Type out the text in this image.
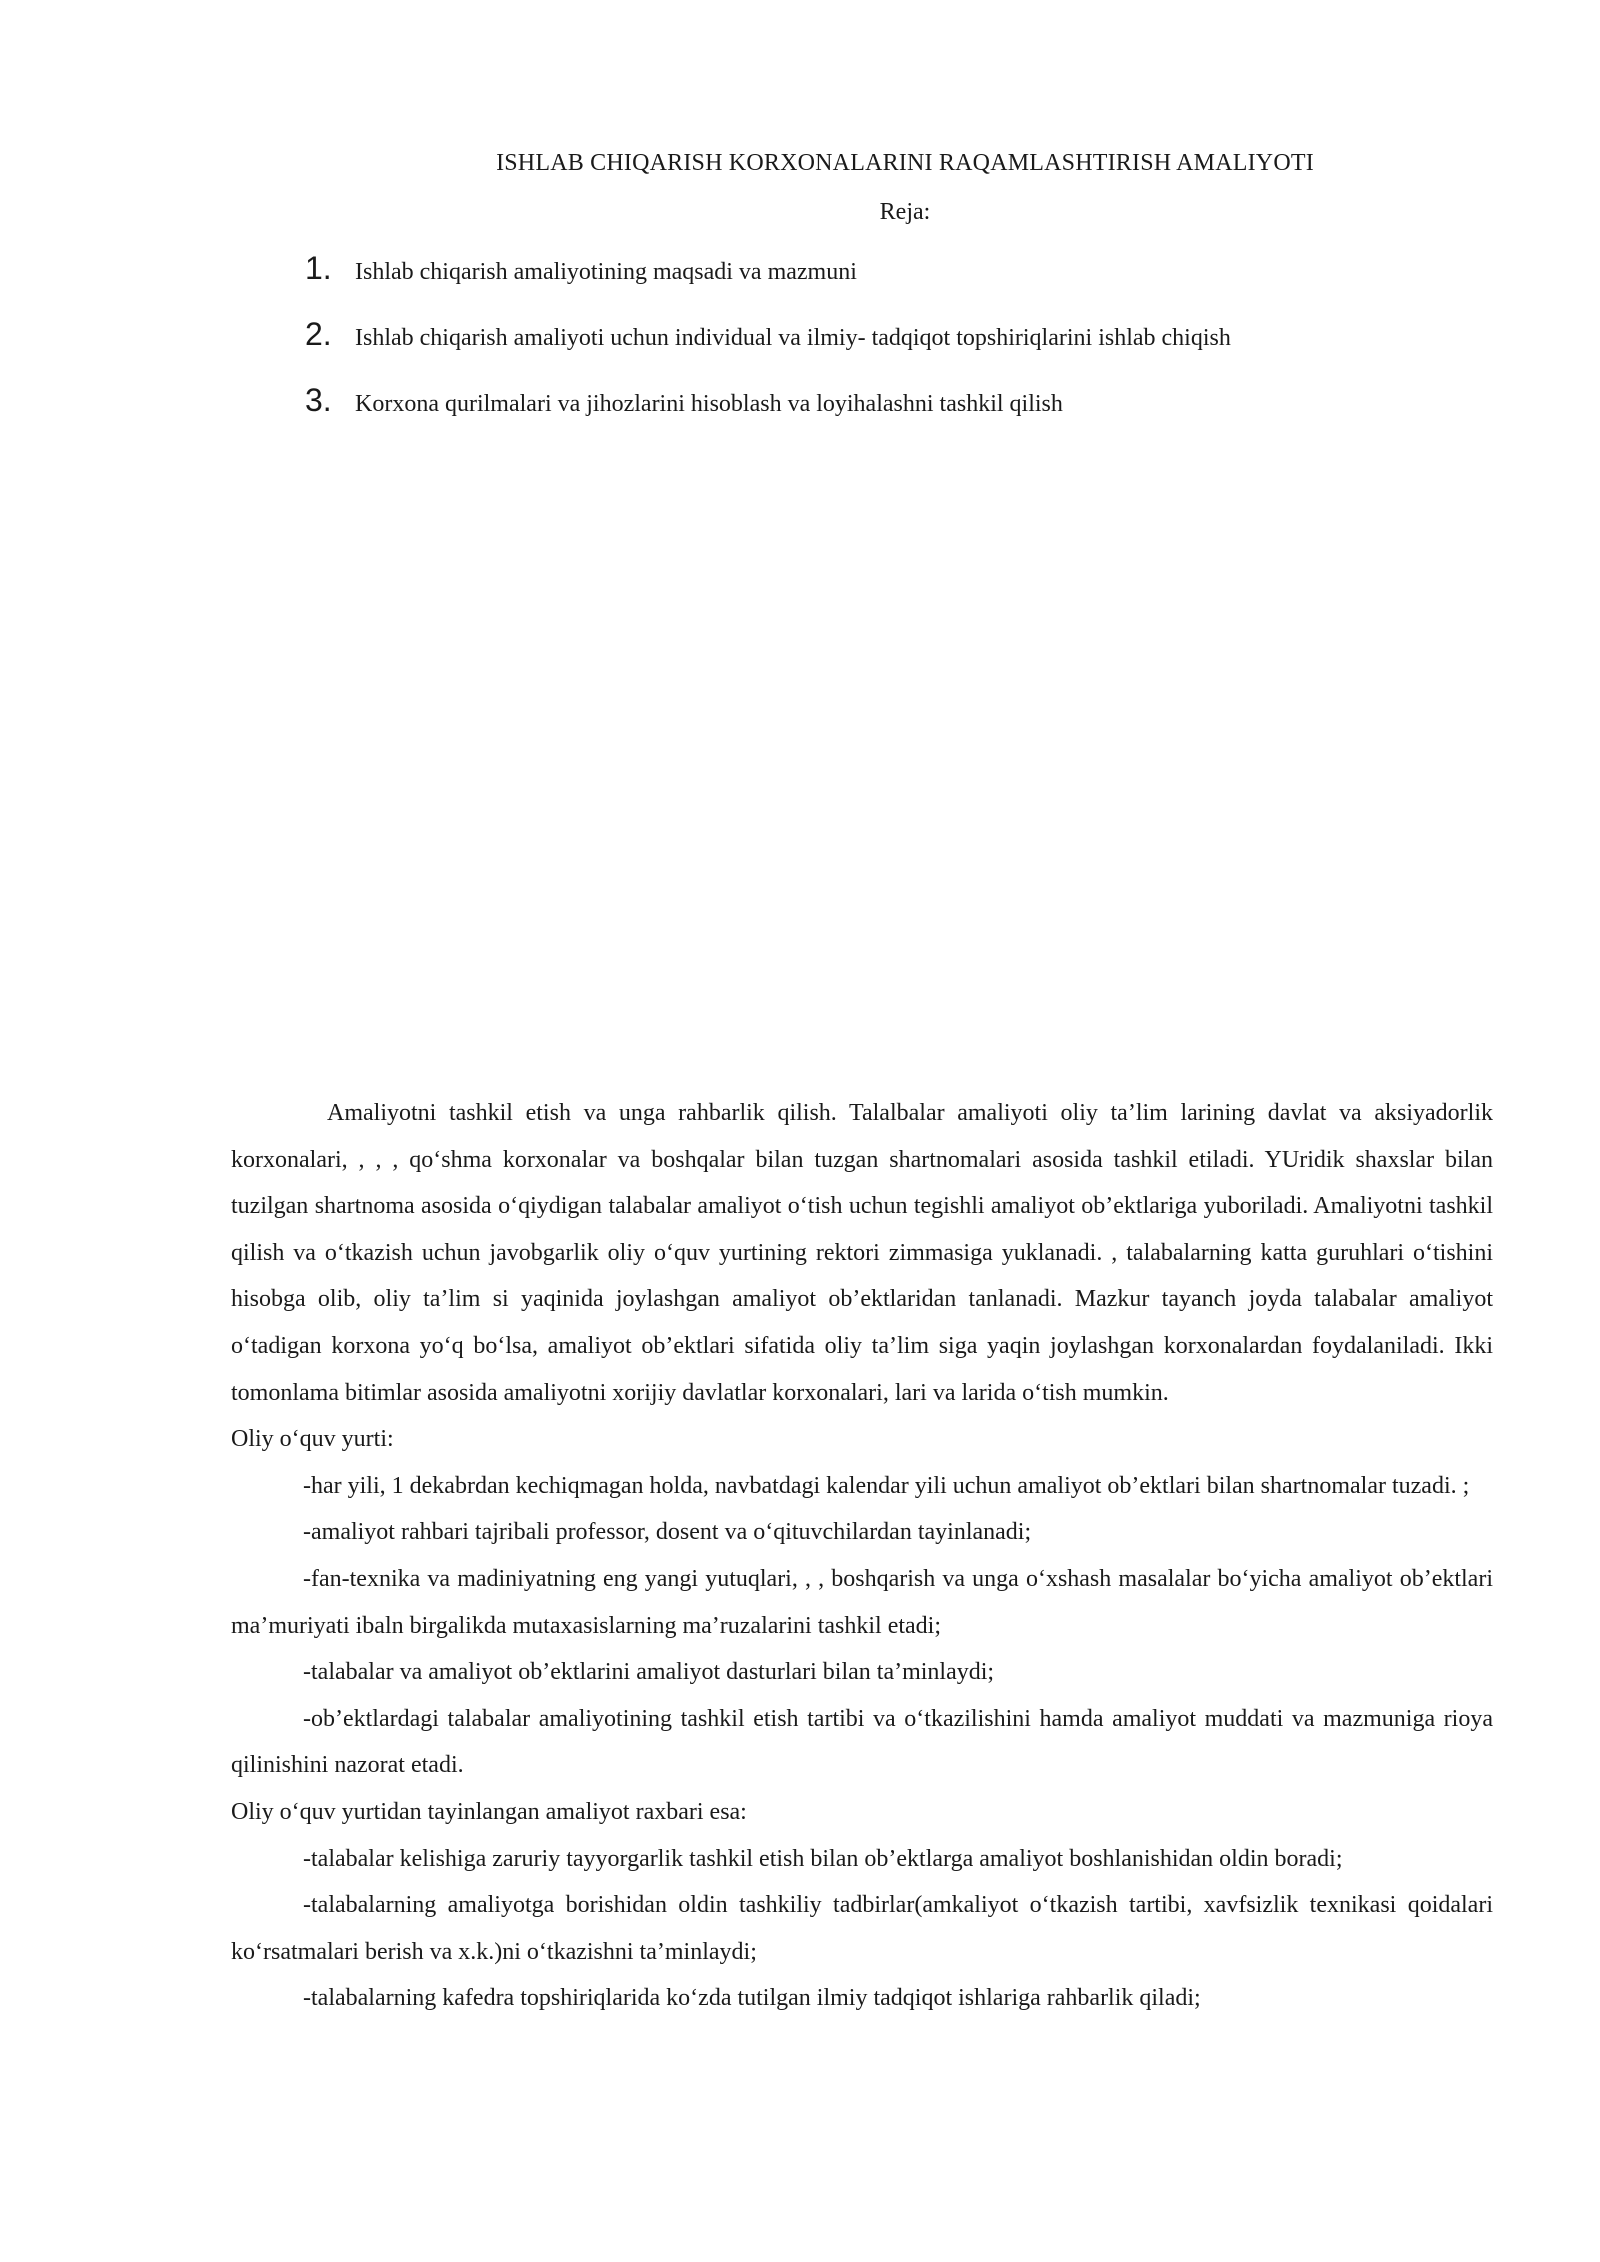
ISHLAB CHIQARISH KORXONALARINI RAQAMLASHTIRISH AMALIYOTI
Reja:
1. Ishlab chiqarish amaliyotining maqsadi va mazmuni
2. Ishlab chiqarish amaliyoti uchun individual va ilmiy- tadqiqot topshiriqlarini ishlab chiqish
3. Korxona qurilmalari va jihozlarini hisoblash va loyihalashni tashkil qilish

Amaliyotni tashkil etish va unga rahbarlik qilish. Talalbalar amaliyoti oliy ta’lim larining davlat va aksiyadorlik korxonalari, , , , qo‘shma korxonalar va boshqalar bilan tuzgan shartnomalari asosida tashkil etiladi. YUridik shaxslar bilan tuzilgan shartnoma asosida o‘qiydigan talabalar amaliyot o‘tish uchun tegishli amaliyot ob’ektlariga yuboriladi. Amaliyotni tashkil qilish va o‘tkazish uchun javobgarlik oliy o‘quv yurtining rektori zimmasiga yuklanadi. , talabalarning katta guruhlari o‘tishini hisobga olib, oliy ta’lim si yaqinida joylashgan amaliyot ob’ektlaridan tanlanadi. Mazkur tayanch joyda talabalar amaliyot o‘tadigan korxona yo‘q bo‘lsa, amaliyot ob’ektlari sifatida oliy ta’lim siga yaqin joylashgan korxonalardan foydalaniladi. Ikki tomonlama bitimlar asosida amaliyotni xorijiy davlatlar korxonalari, lari va larida o‘tish mumkin.

Oliy o‘quv yurti:

-har yili, 1 dekabrdan kechiqmagan holda, navbatdagi kalendar yili uchun amaliyot ob’ektlari bilan shartnomalar tuzadi. ;

-amaliyot rahbari tajribali professor, dosent va o‘qituvchilardan tayinlanadi;

-fan-texnika va madiniyatning eng yangi yutuqlari, , , boshqarish va unga o‘xshash masalalar bo‘yicha amaliyot ob’ektlari ma’muriyati ibaln birgalikda mutaxasislarning ma’ruzalarini tashkil etadi;

-talabalar va amaliyot ob’ektlarini amaliyot dasturlari bilan ta’minlaydi;

-ob’ektlardagi talabalar amaliyotining tashkil etish tartibi va o‘tkazilishini hamda amaliyot muddati va mazmuniga rioya qilinishini nazorat etadi.

Oliy o‘quv yurtidan tayinlangan amaliyot raxbari esa:

-talabalar kelishiga zaruriy tayyorgarlik tashkil etish bilan ob’ektlarga amaliyot boshlanishidan oldin boradi;

-talabalarning amaliyotga borishidan oldin tashkiliy tadbirlar(amkaliyot o‘tkazish tartibi, xavfsizlik texnikasi qoidalari ko‘rsatmalari berish va x.k.)ni o‘tkazishni ta’minlaydi;

-talabalarning kafedra topshiriqlarida ko‘zda tutilgan ilmiy tadqiqot ishlariga rahbarlik qiladi;
